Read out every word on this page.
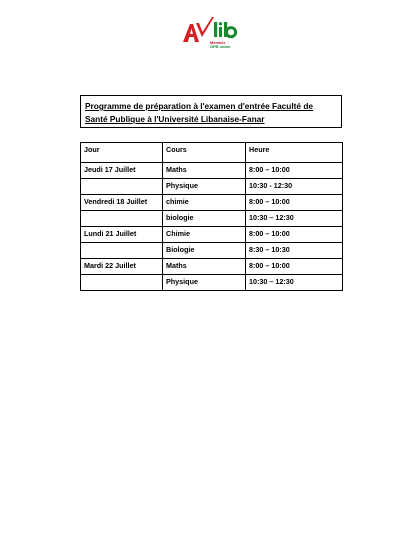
Member
GFB union
Programme de préparation à l'examen d'entrée Faculté de
Santé Publique à l'Université Libanaise-Fanar
Jour	Cours	Heure
Jeudi 17 Juillet	Maths	8:00 – 10:00
	Physique	10:30 - 12:30
Vendredi 18 Juillet	chimie	8:00 – 10:00
	biologie	10:30 – 12:30
Lundi 21 Juillet	Chimie	8:00 – 10:00
	Biologie	8:30 – 10:30
Mardi 22 Juillet	Maths	8:00 – 10:00
	Physique	10:30 – 12:30
